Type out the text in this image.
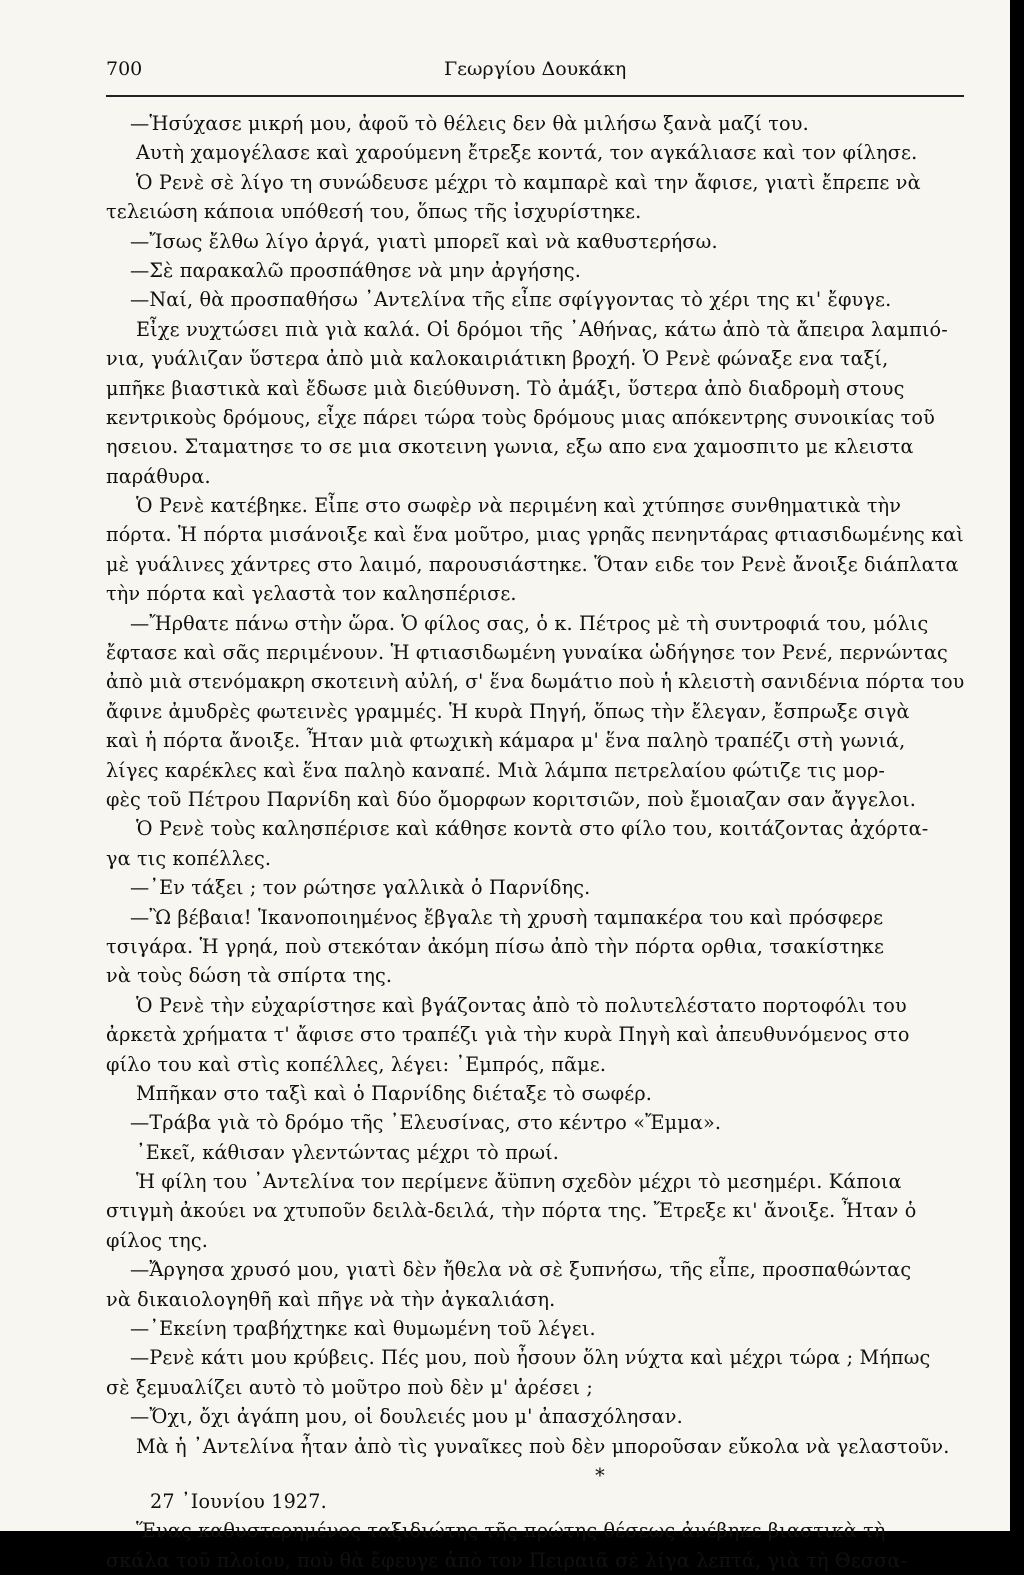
700	Γεωργίου Δουκάκη
—Ἡσύχασε μικρή μου, ἀφοῦ τὸ θέλεις δεν θὰ μιλήσω ξανὰ μαζί του.
Αυτὴ χαμογέλασε καὶ χαρούμενη ἔτρεξε κοντά, τον αγκάλιασε καὶ τον φίλησε.
Ὁ Ρενὲ σὲ λίγο τη συνώδευσε μέχρι τὸ καμπαρὲ καὶ την ἄφισε, γιατὶ ἔπρεπε νὰ
τελειώση κάποια υπόθεσή του, ὅπως τῆς ἰσχυρίστηκε.
—Ἴσως ἔλθω λίγο ἀργά, γιατὶ μπορεῖ καὶ νὰ καθυστερήσω.
—Σὲ παρακαλῶ προσπάθησε νὰ μην ἀργήσης.
—Ναί, θὰ προσπαθήσω ᾿Αντελίνα τῆς εἶπε σφίγγοντας τὸ χέρι της κι' ἔφυγε.
Εἶχε νυχτώσει πιὰ γιὰ καλά. Οἱ δρόμοι τῆς ᾿Αθήνας, κάτω ἀπὸ τὰ ἄπειρα λαμπιό-
νια, γυάλιζαν ὕστερα ἀπὸ μιὰ καλοκαιριάτικη βροχή. Ὁ Ρενὲ φώναξε ενα ταξί,
μπῆκε βιαστικὰ καὶ ἔδωσε μιὰ διεύθυνση. Τὸ ἀμάξι, ὕστερα ἀπὸ διαδρομὴ στους
κεντρικοὺς δρόμους, εἶχε πάρει τώρα τοὺς δρόμους μιας απόκεντρης συνοικίας τοῦ
ησειου. Σταματησε το σε μια σκοτεινη γωνια, εξω απο ενα χαμοσπιτο με κλειστα
παράθυρα.
Ὁ Ρενὲ κατέβηκε. Εἶπε στο σωφὲρ νὰ περιμένη καὶ χτύπησε συνθηματικὰ τὴν
πόρτα. Ἡ πόρτα μισάνοιξε καὶ ἕνα μοῦτρο, μιας γρηᾶς πενηντάρας φτιασιδωμένης καὶ
μὲ γυάλινες χάντρες στο λαιμό, παρουσιάστηκε. Ὅταν ειδε τον Ρενὲ ἄνοιξε διάπλατα
τὴν πόρτα καὶ γελαστὰ τον καλησπέρισε.
—Ἤρθατε πάνω στὴν ὥρα. Ὁ φίλος σας, ὁ κ. Πέτρος μὲ τὴ συντροφιά του, μόλις
ἔφτασε καὶ σᾶς περιμένουν. Ἡ φτιασιδωμένη γυναίκα ὡδήγησε τον Ρενέ, περνώντας
ἀπὸ μιὰ στενόμακρη σκοτεινὴ αὐλή, σ' ἕνα δωμάτιο ποὺ ἡ κλειστὴ σανιδένια πόρτα του
ἄφινε ἀμυδρὲς φωτεινὲς γραμμές. Ἡ κυρὰ Πηγή, ὅπως τὴν ἔλεγαν, ἔσπρωξε σιγὰ
καὶ ἡ πόρτα ἄνοιξε. Ἦταν μιὰ φτωχικὴ κάμαρα μ' ἕνα παληὸ τραπέζι στὴ γωνιά,
λίγες καρέκλες καὶ ἕνα παληὸ καναπέ. Μιὰ λάμπα πετρελαίου φώτιζε τις μορ-
φὲς τοῦ Πέτρου Παρνίδη καὶ δύο ὄμορφων κοριτσιῶν, ποὺ ἔμοιαζαν σαν ἄγγελοι.
Ὁ Ρενὲ τοὺς καλησπέρισε καὶ κάθησε κοντὰ στο φίλο του, κοιτάζοντας ἀχόρτα-
γα τις κοπέλλες.
—᾿Εν τάξει ; τον ρώτησε γαλλικὰ ὁ Παρνίδης.
—Ὢ βέβαια! Ἱκανοποιημένος ἔβγαλε τὴ χρυσὴ ταμπακέρα του καὶ πρόσφερε
τσιγάρα. Ἡ γρηά, ποὺ στεκόταν ἀκόμη πίσω ἀπὸ τὴν πόρτα ορθια, τσακίστηκε
νὰ τοὺς δώση τὰ σπίρτα της.
Ὁ Ρενὲ τὴν εὐχαρίστησε καὶ βγάζοντας ἀπὸ τὸ πολυτελέστατο πορτοφόλι του
ἀρκετὰ χρήματα τ' ἄφισε στο τραπέζι γιὰ τὴν κυρὰ Πηγὴ καὶ ἀπευθυνόμενος στο
φίλο του καὶ στὶς κοπέλλες, λέγει: ᾿Εμπρός, πᾶμε.
Μπῆκαν στο ταξὶ καὶ ὁ Παρνίδης διέταξε τὸ σωφέρ.
—Τράβα γιὰ τὸ δρόμο τῆς ᾿Ελευσίνας, στο κέντρο «Ἔμμα».
᾿Εκεῖ, κάθισαν γλεντώντας μέχρι τὸ πρωί.
Ἡ φίλη του ᾿Αντελίνα τον περίμενε ἄϋπνη σχεδὸν μέχρι τὸ μεσημέρι. Κάποια
στιγμὴ ἀκούει να χτυποῦν δειλὰ-δειλά, τὴν πόρτα της. Ἔτρεξε κι' ἄνοιξε. Ἦταν ὁ
φίλος της.
—Ἄργησα χρυσό μου, γιατὶ δὲν ἤθελα νὰ σὲ ξυπνήσω, τῆς εἶπε, προσπαθώντας
νὰ δικαιολογηθῆ καὶ πῆγε νὰ τὴν ἀγκαλιάση.
—᾿Εκείνη τραβήχτηκε καὶ θυμωμένη τοῦ λέγει.
—Ρενὲ κάτι μου κρύβεις. Πές μου, ποὺ ἦσουν ὅλη νύχτα καὶ μέχρι τώρα ; Μήπως
σὲ ξεμυαλίζει αυτὸ τὸ μοῦτρο ποὺ δὲν μ' ἀρέσει ;
—Ὄχι, ὄχι ἀγάπη μου, οἱ δουλειές μου μ' ἀπασχόλησαν.
Μὰ ἡ ᾿Αντελίνα ἦταν ἀπὸ τὶς γυναῖκες ποὺ δὲν μποροῦσαν εὔκολα νὰ γελαστοῦν.
*
27 ᾿Ιουνίου 1927.
Ἕνας καθυστερημένος ταξιδιώτης τῆς πρώτης θέσεως ἀνέβηκε βιαστικὰ τὴ
σκάλα τοῦ πλοίου, ποὺ θὰ ἔφευγε ἀπὸ τον Πειραιᾶ σὲ λίγα λεπτά, γιὰ τὴ Θεσσα-
